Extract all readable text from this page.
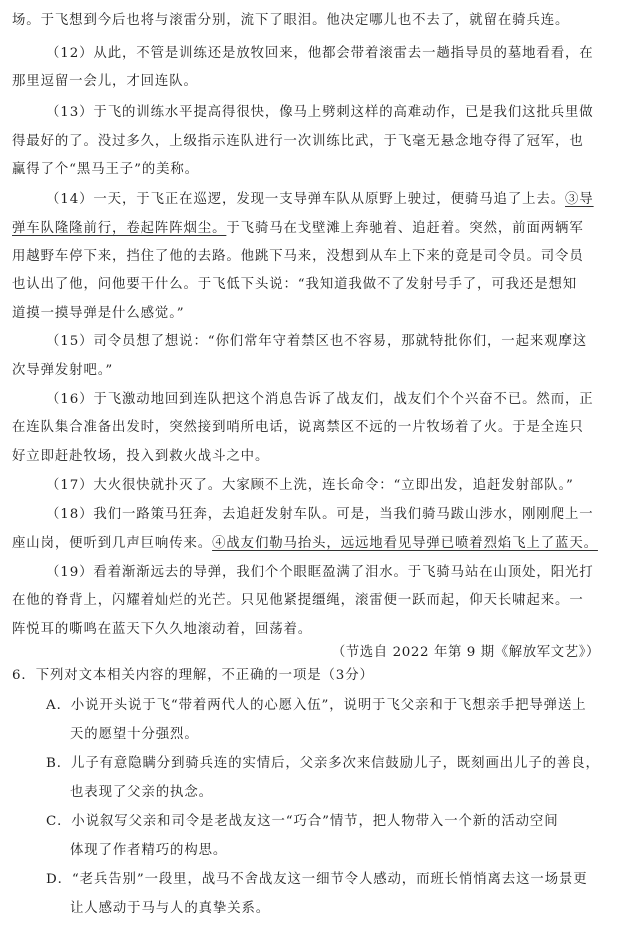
场。于飞想到今后也将与滚雷分别，流下了眼泪。他决定哪儿也不去了，就留在骑兵连。
（12）从此，不管是训练还是放牧回来，他都会带着滚雷去一趟指导员的墓地看看，在
那里逗留一会儿，才回连队。
（13）于飞的训练水平提高得很快，像马上劈刺这样的高难动作，已是我们这批兵里做
得最好的了。没过多久，上级指示连队进行一次训练比武，于飞毫无悬念地夺得了冠军，也
赢得了个“黑马王子”的美称。
（14）一天，于飞正在巡逻，发现一支导弹车队从原野上驶过，便骑马追了上去。③导
弹车队隆隆前行，卷起阵阵烟尘。于飞骑马在戈壁滩上奔驰着、追赶着。突然，前面两辆军
用越野车停下来，挡住了他的去路。他跳下马来，没想到从车上下来的竟是司令员。司令员
也认出了他，问他要干什么。于飞低下头说：“我知道我做不了发射号手了，可我还是想知
道摸一摸导弹是什么感觉。”
（15）司令员想了想说：“你们常年守着禁区也不容易，那就特批你们，一起来观摩这
次导弹发射吧。”
（16）于飞激动地回到连队把这个消息告诉了战友们，战友们个个兴奋不已。然而，正
在连队集合准备出发时，突然接到哨所电话，说离禁区不远的一片牧场着了火。于是全连只
好立即赶赴牧场，投入到救火战斗之中。
（17）大火很快就扑灭了。大家顾不上洗，连长命令：“立即出发，追赶发射部队。”
（18）我们一路策马狂奔，去追赶发射车队。可是，当我们骑马跋山涉水，刚刚爬上一
座山岗，便听到几声巨响传来。④战友们勒马抬头，远远地看见导弹已喷着烈焰飞上了蓝天。
（19）看着渐渐远去的导弹，我们个个眼眶盈满了泪水。于飞骑马站在山顶处，阳光打
在他的脊背上，闪耀着灿烂的光芒。只见他紧提缰绳，滚雷便一跃而起，仰天长啸起来。一
阵悦耳的嘶鸣在蓝天下久久地滚动着，回荡着。
（节选自 2022 年第 9 期《解放军文艺》）
6．下列对文本相关内容的理解，不正确的一项是（3分）
A．小说开头说于飞“带着两代人的心愿入伍”，说明于飞父亲和于飞想亲手把导弹送上
天的愿望十分强烈。
B．儿子有意隐瞒分到骑兵连的实情后，父亲多次来信鼓励儿子，既刻画出儿子的善良，
也表现了父亲的执念。
C．小说叙写父亲和司令是老战友这一“巧合”情节，把人物带入一个新的活动空间
体现了作者精巧的构思。
D．“老兵告别”一段里，战马不舍战友这一细节令人感动，而班长悄悄离去这一场景更
让人感动于马与人的真挚关系。
